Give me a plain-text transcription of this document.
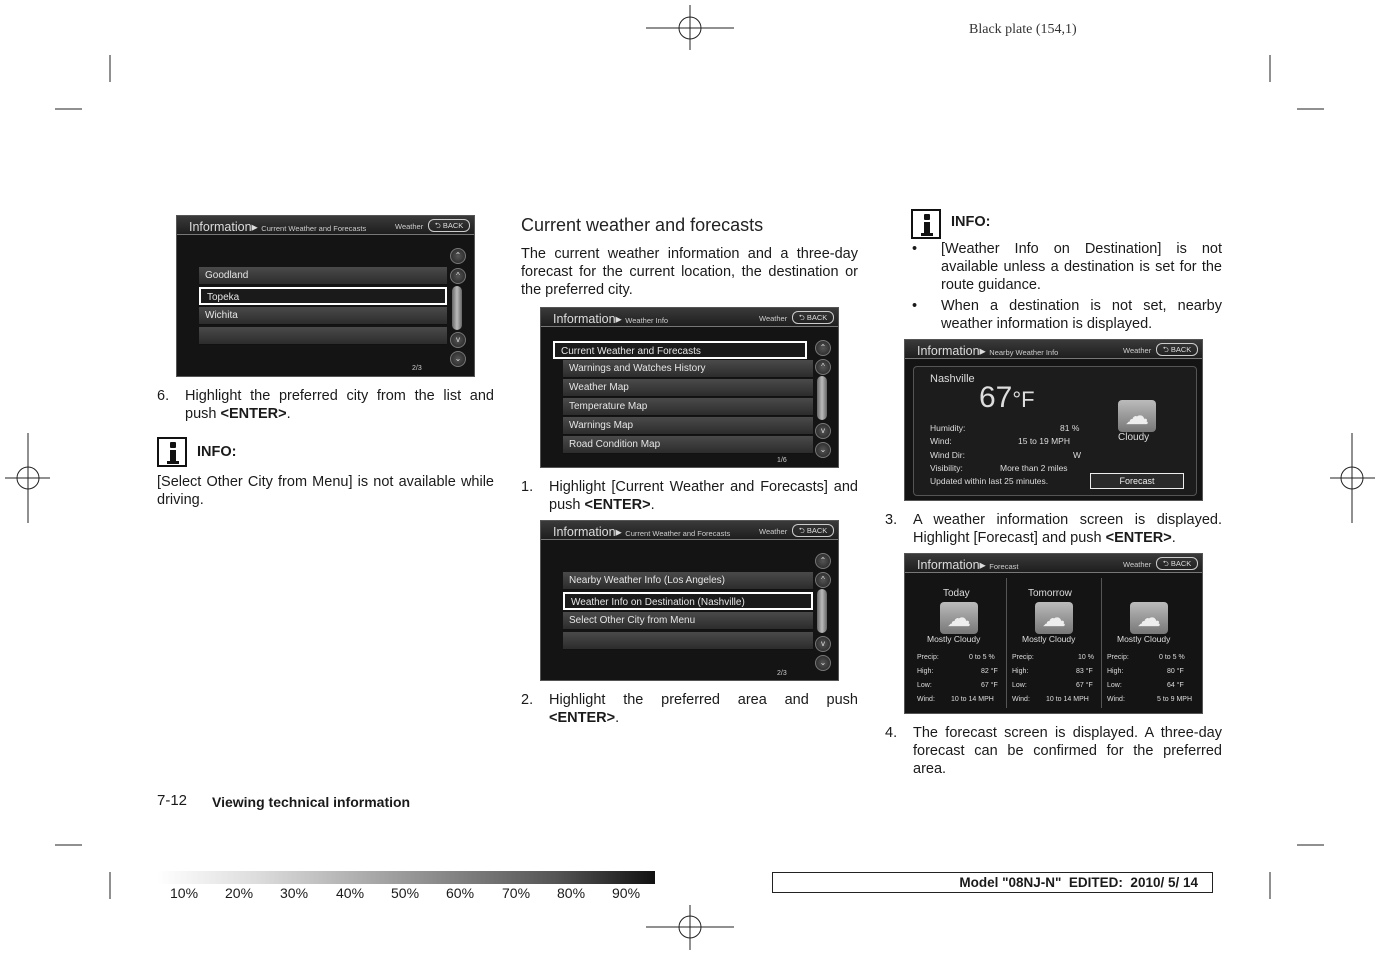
Black plate (154,1)
Information▸ Current Weather and Forecasts	Weather	⮌ BACK
Goodland
Topeka
Wichita
⌃
^
v
⌄
2/3
6. Highlight the preferred city from the list and push <ENTER>.
INFO:
[Select Other City from Menu] is not available while driving.
Current weather and forecasts
The current weather information and a three-day forecast for the current location, the destination or the preferred city.
Information▸ Weather Info	Weather	⮌ BACK
Current Weather and Forecasts
Warnings and Watches History
Weather Map
Temperature Map
Warnings Map
Road Condition Map
⌃
^
v
⌄
1/6
1. Highlight [Current Weather and Forecasts] and push <ENTER>.
Information▸ Current Weather and Forecasts	Weather	⮌ BACK
Nearby Weather Info (Los Angeles)
Weather Info on Destination (Nashville)
Select Other City from Menu
⌃
^
v
⌄
2/3
2. Highlight the preferred area and push <ENTER>.
INFO:
• [Weather Info on Destination] is not available unless a destination is set for the route guidance.
• When a destination is not set, nearby weather information is displayed.
Information▸ Nearby Weather Info	Weather	⮌ BACK
Nashville
67°F
☁
Cloudy
Humidity:	81 %
Wind:	15 to 19 MPH
Wind Dir:	W
Visibility:	More than 2 miles
Updated within last 25 minutes.	Forecast
3. A weather information screen is displayed. Highlight [Forecast] and push <ENTER>.
Information▸ Forecast	Weather	⮌ BACK
Today
☁
Mostly Cloudy
Precip:	0 to 5 %
High:	82 °F
Low:	67 °F
Wind: 10 to 14 MPH
Tomorrow
☁
Mostly Cloudy
Precip:	10 %
High:	83 °F
Low:	67 °F
Wind: 10 to 14 MPH
☁
Mostly Cloudy
Precip:	0 to 5 %
High:	80 °F
Low:	64 °F
Wind:	5 to 9 MPH
4. The forecast screen is displayed. A three-day forecast can be confirmed for the preferred area.
7-12 Viewing technical information
10% 20% 30% 40% 50% 60% 70% 80% 90%
Model "08NJ-N"  EDITED:  2010/ 5/ 14
